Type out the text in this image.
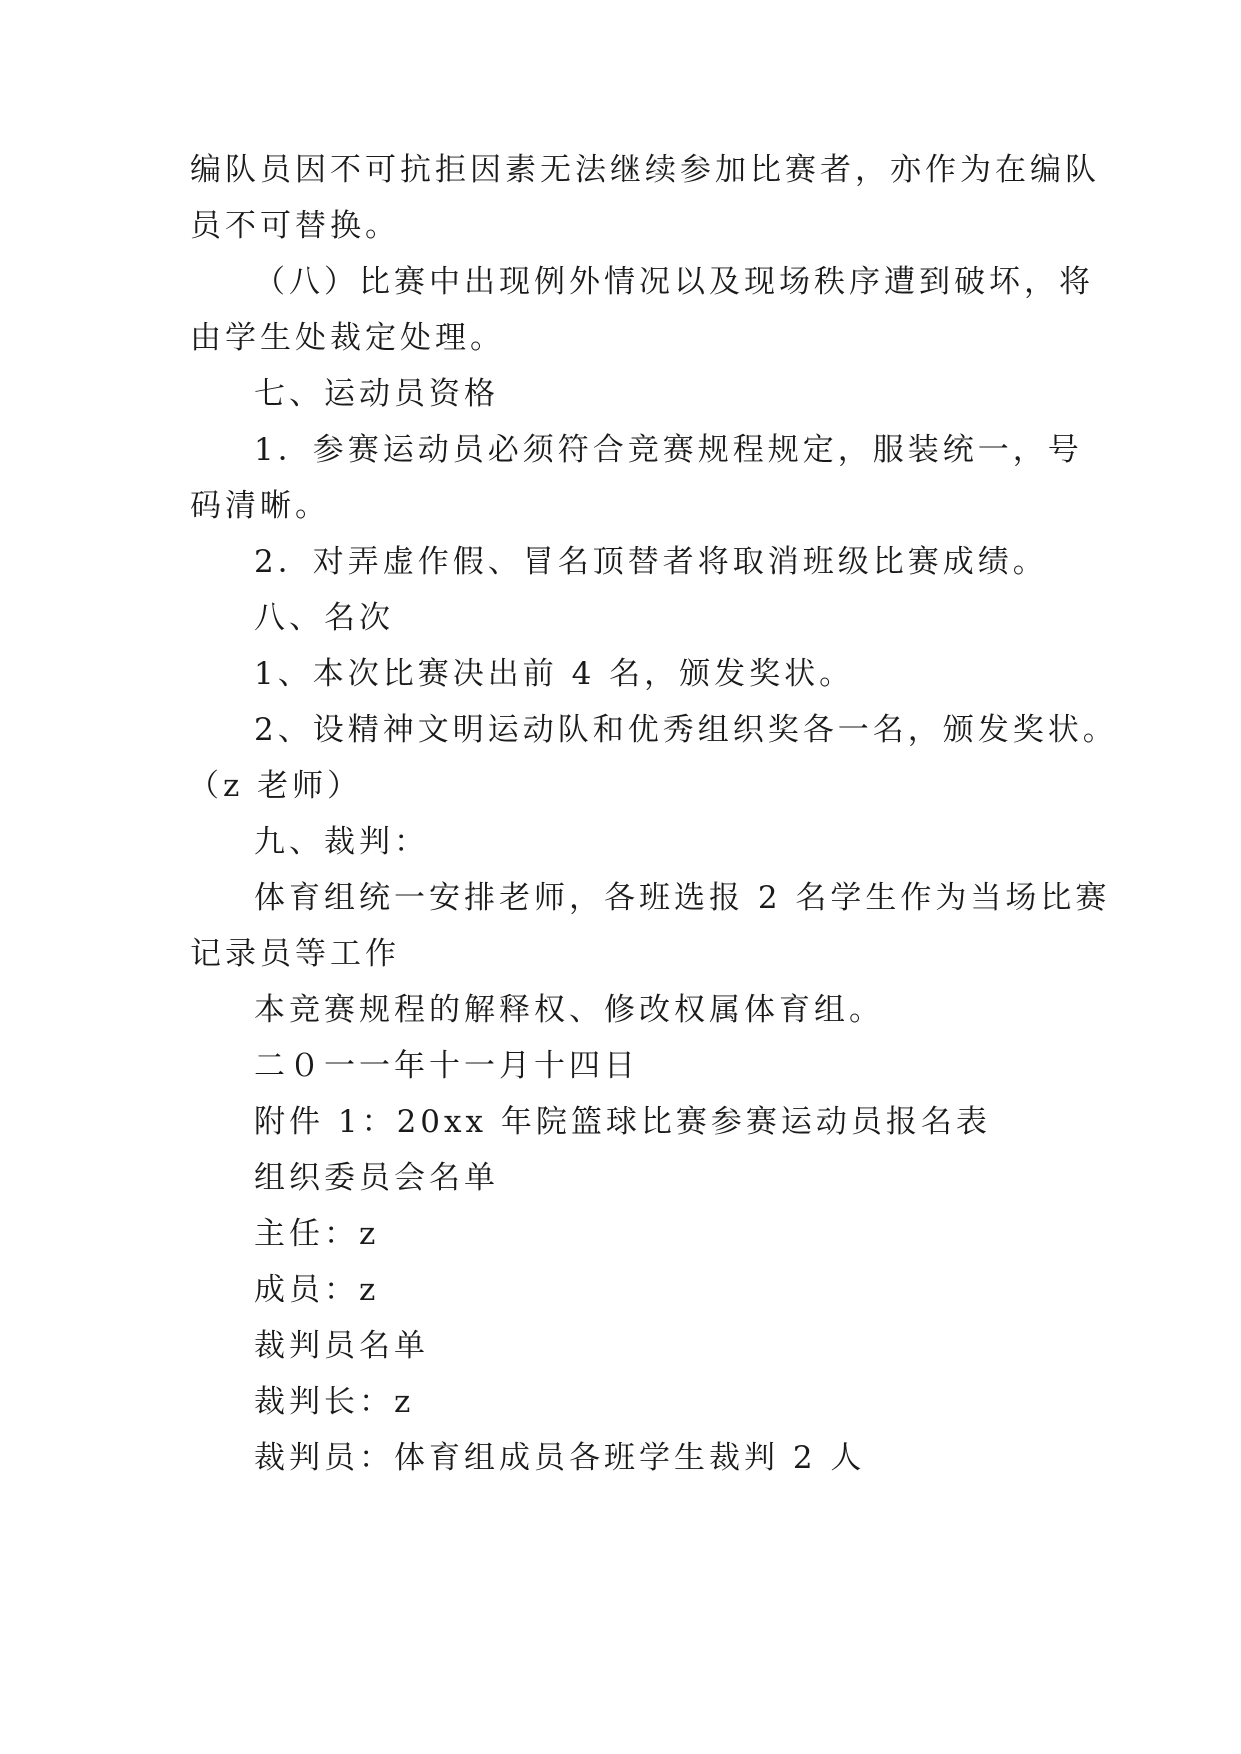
编队员因不可抗拒因素无法继续参加比赛者，亦作为在编队
员不可替换。
（八）比赛中出现例外情况以及现场秩序遭到破坏，将
由学生处裁定处理。
七、运动员资格
1．参赛运动员必须符合竞赛规程规定，服装统一，号
码清晰。
2．对弄虚作假、冒名顶替者将取消班级比赛成绩。
八、名次
1、本次比赛决出前 4 名，颁发奖状。
2、设精神文明运动队和优秀组织奖各一名，颁发奖状。
（z 老师）
九、裁判：
体育组统一安排老师，各班选报 2 名学生作为当场比赛
记录员等工作
本竞赛规程的解释权、修改权属体育组。
二０一一年十一月十四日
附件 1：20xx 年院篮球比赛参赛运动员报名表
组织委员会名单
主任：z
成员：z
裁判员名单
裁判长：z
裁判员：体育组成员各班学生裁判 2 人
